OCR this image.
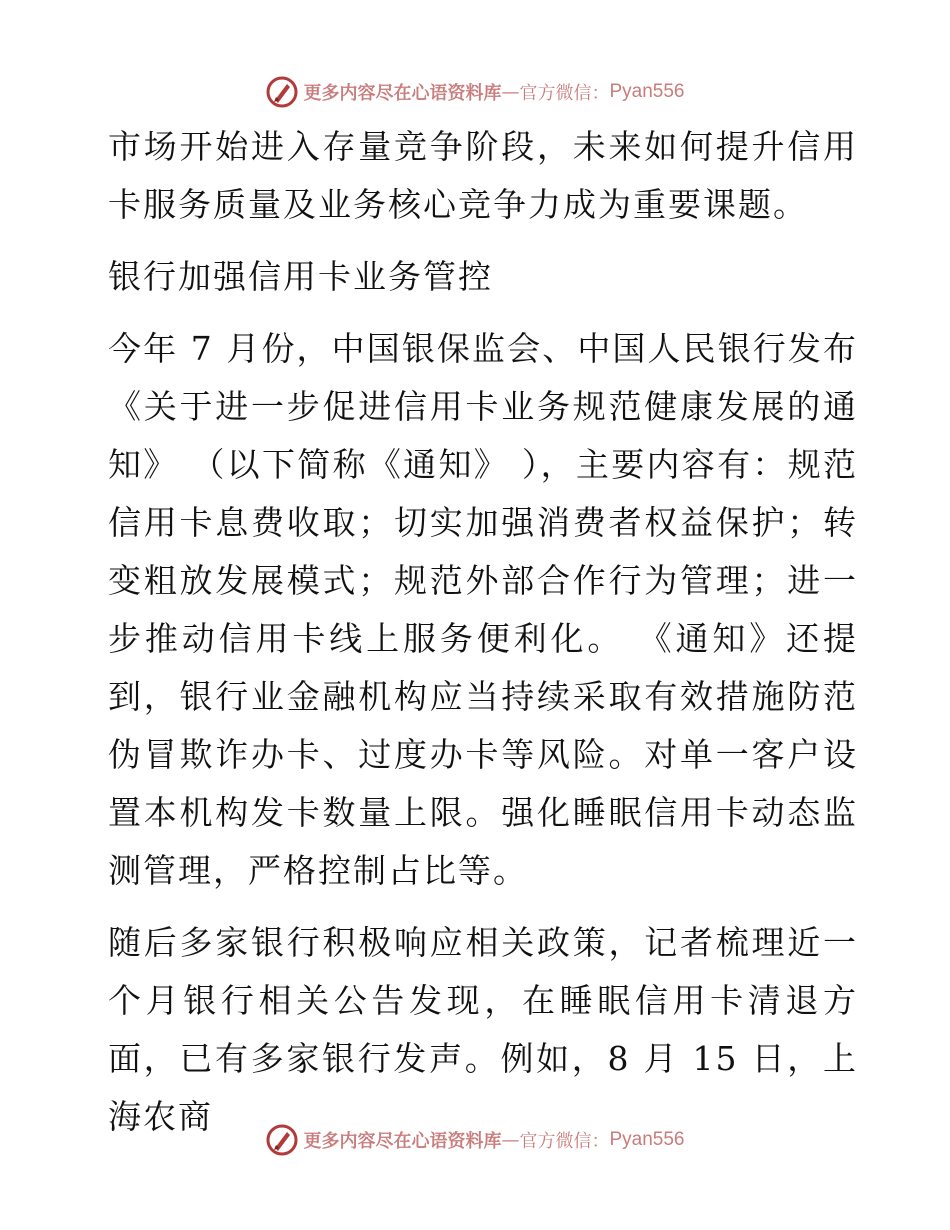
更多内容尽在心语资料库 — 官方微信： Pyan556

市场开始进入存量竞争阶段，未来如何提升信用卡服务质量及业务核心竞争力成为重要课题。

银行加强信用卡业务管控

今年 7 月份，中国银保监会、中国人民银行发布《关于进一步促进信用卡业务规范健康发展的通知》 （以下简称《通知》 ），主要内容有：规范信用卡息费收取；切实加强消费者权益保护；转变粗放发展模式；规范外部合作行为管理；进一步推动信用卡线上服务便利化。 《通知》还提到，银行业金融机构应当持续采取有效措施防范伪冒欺诈办卡、过度办卡等风险。对单一客户设置本机构发卡数量上限。强化睡眠信用卡动态监测管理，严格控制占比等。

随后多家银行积极响应相关政策，记者梳理近一个月银行相关公告发现，在睡眠信用卡清退方面，已有多家银行发声。例如，8 月 15 日，上海农商

更多内容尽在心语资料库 — 官方微信： Pyan556
